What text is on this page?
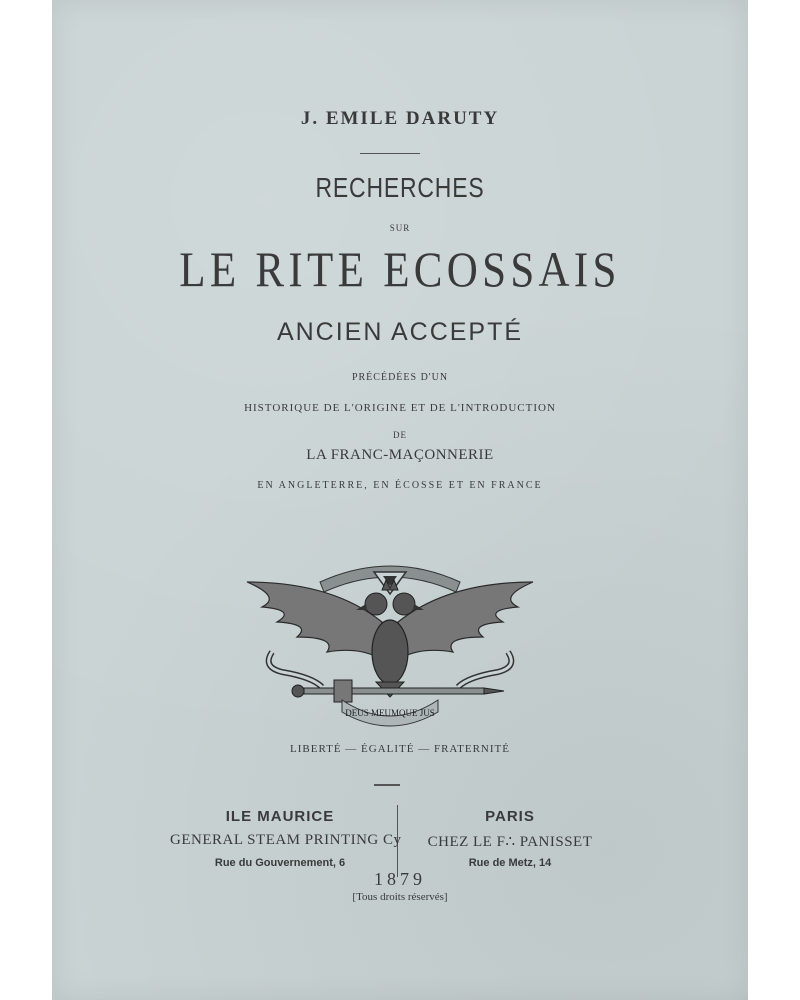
J. EMILE DARUTY
RECHERCHES
SUR
LE RITE ECOSSAIS
ANCIEN ACCEPTÉ
PRÉCÉDÉES D'UN
HISTORIQUE DE L'ORIGINE ET DE L'INTRODUCTION
DE
LA FRANC-MAÇONNERIE
EN ANGLETERRE, EN ÉCOSSE ET EN FRANCE
DEUS MEUMQUE JUS
LIBERTÉ — ÉGALITÉ — FRATERNITÉ
ILE MAURICE
GENERAL STEAM PRINTING Cy
Rue du Gouvernement, 6
PARIS
CHEZ LE F∴ PANISSET
Rue de Metz, 14
1879
[Tous droits réservés]
